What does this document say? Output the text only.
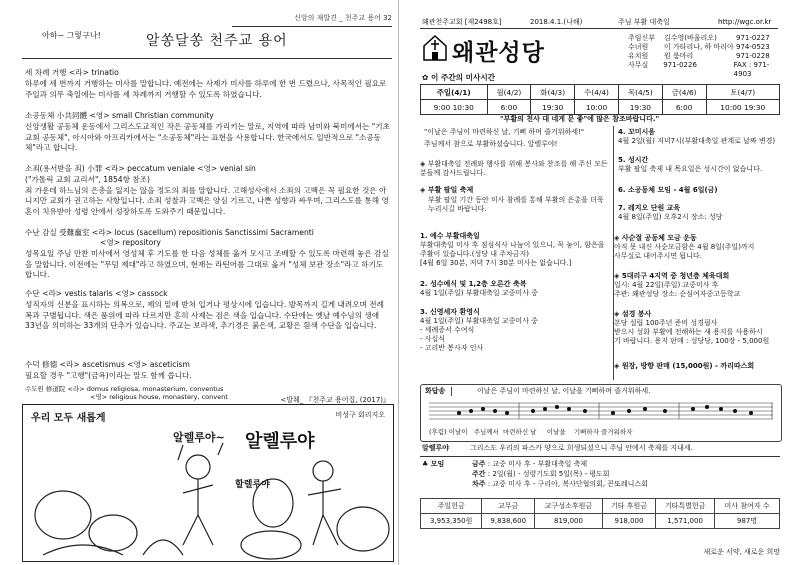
신앙의 재발견 _ 천주교 용어 32
아하~ 그렇구나!	알쏭달쏭 천주교 용어
세 차례 거행 <라> trinatio
하루에 세 번까지 거행하는 미사를 말합니다. 예전에는 사제가 미사를 하루에 한 번 드렸으나, 사목적인 필요로 주일과 의무 축일에는 미사를 세 차례까지 거행할 수 있도록 하였습니다.
소공동체 小共同體 <영> small Christian community
신앙생활 공동체 운동에서 그리스도교적인 작은 공동체를 가리키는 말로, 지역에 따라 남미와 북미에서는 "기초 교회 공동체", 아시아와 아프리카에서는 "소공동체"라는 표현을 사용합니다. 한국에서도 일반적으로 "소공동체"라고 합니다.
소죄(용서받을 죄) 小罪 <라> peccatum veniale <영> venial sin
("가톨릭 교회 교리서", 1854항 참조)
죄 가운데 하느님의 은총을 잃지는 않을 정도의 죄를 말합니다. 고해성사에서 소죄의 고백은 꼭 필요한 것은 아니지만 교회가 권고하는 사항입니다. 소죄 성찰과 고백은 양심 기르고, 나쁜 성향과 싸우며, 그리스도를 통해 영혼이 치유받아 성령 안에서 성장하도록 도와주기 때문입니다.
수난 감실 受難龕室 <라> locus (sacellum) repositionis Sanctissimi Sacramenti
<영> repository
성목요일 주님 만찬 미사에서 영성체 후 기도를 한 다음 성체를 옮겨 모시고 조배할 수 있도록 마련해 놓은 감실을 말합니다. 이전에는 "무덤 제대"라고 하였으며, 현재는 라틴어를 그대로 옮겨 "성체 보관 장소"라고 하기도 합니다.
수단 <라> vestis talaris <영> cassock
성직자의 신분을 표시하는 의복으로, 제의 밑에 받쳐 입거나 평상시에 입습니다. 발목까지 길게 내려오며 전례복과 구별됩니다. 색은 품위에 따라 다르지만 흔히 사제는 검은 색을 입습니다. 수단에는 옛날 예수님의 생애 33년을 의미하는 33개의 단추가 있습니다. 주교는 보라색, 추기경은 붉은색, 교황은 흰색 수단을 입습니다.
수덕 修德 <라> ascetismus <영> asceticism
필요할 경우 "고행"(금욕)이라는 말도 함께 씁니다.
수도원 修道院 <라> domus religiosa, monasterium, conventus
<영> religious house, monastery, convent	<발췌_ 『천주교 용어집, (2017)』
우리 모두 새롭게	비성구 회리지오
알렐루야~ 알렐루야
할렐루야
왜관천주교회 [제2498호]	2018.4.1.(나해)	주님 부활 대축일	http://wgc.or.kr
왜관성당
주임신부	김수영(바울리오)	971-0227
수녀원	이 가타리나, 하 마리아 974-0523
유치원	원 룸마리	971-0228
사무실	971-0226	FAX : 971-4903
✿ 이 주간의 미사시간
주일(4/1)	월(4/2)	화(4/3)	수(4/4)	목(4/5)	금(4/6)	토(4/7)
9:00 10:30	6:00	19:30	10:00	19:30	6:00	10:00 19:30
"부활의 천사 대 네게 문 좋"에 많은 참조바랍니다."
"이날은 주님이 마련하신 날, 기뻐 하며 즐거워하세!"
주님께서 참으로 부활하셨습니다. 알렐루야!
◈ 부활대축일 전례와 행사를 위해 봉사와 찬조를 해 주신 모든 분들께 감사드립니다.
◈ 부활 팔일 축제
부활 팔일 기간 동안 미사 참례를 통해 부활의 은총을 더욱 누리시길 바랍니다.
1. 예수 부활대축일
부활대축일 미사 후 점심식사 나눔이 있으니, 꼭 놓이, 함은을 주활이 있습니다.(성당 내 주차금지)
[4월 6일 30분, 저녁 7시 30분 미사는 없습니다.]
2. 성수예식 및 1,2층 오른간 축복
4월 1일(주일) 부활대축일 교중미사 중
3. 신영세자 환영식
4월 1일(주일) 부활대축일 교중미사 중
- 세례증서 수여식
- 사십식
- 고리반 봉사자 인사
4. 꼬미시움
4월 2일(월) 저녁7시(부활대축일 관계로 날짜 변경)
5. 성시간
부활 팔일 축제 내 목요일은 성시간이 없습니다.
6. 소공동체 모임 - 4월 6일(금)
7. 레지오 단원 교육
4월 8일(주일) 오후2시 장소: 성당
◈ 사순절 공동체 모금 운동
아직 못 내신 사순모금함은 4월 8일(주일)까지
사무실로 내어주시면 됩니다.
◈ 5대리구 4지역 중 청년층 체육대회
일시: 4월 22일(주일) 교중미사 후
주관: 왜관성당 장소: 순심여자중고등학교
◈ 설경 봉사
본당 설립 100주년 준비 성경필사
받으시 성화 부활에 전해하는 새 용지를 사용하시
기 바랍니다. 용지 판매 : 성당당, 100장 - 5,000원
◈ 원장, 방향 판매 (15,000원) - 까리따스회
화답송	이날은 주님이 마련하신 날, 이날을 기뻐하며 즐거워하세.
(후렴) 이날이   주님께서  마련하신 날     이날을    기뻐하자 즐거워하자
알렐루야	그리스도 우리의 파스카 양으로 희생되셨으니 주님 안에서 축제를 지내세.
♣ 모임	금주 : 교중 미사 후 - 부활대축일 축제
주간 : 2일(월) - 성령기도회 5일(목) - 평도회
차주 : 교중 미사 후 - 구리아, 복사단협의회, 꼰또레니스회
주일헌금	교무금	교구성소후원금	기타 후원금	기타특별헌금	미사 참여자 수
3,953,350원	9,838,600	819,000	918,000	1,571,000	987명
새로운 서약, 새로운 희망
